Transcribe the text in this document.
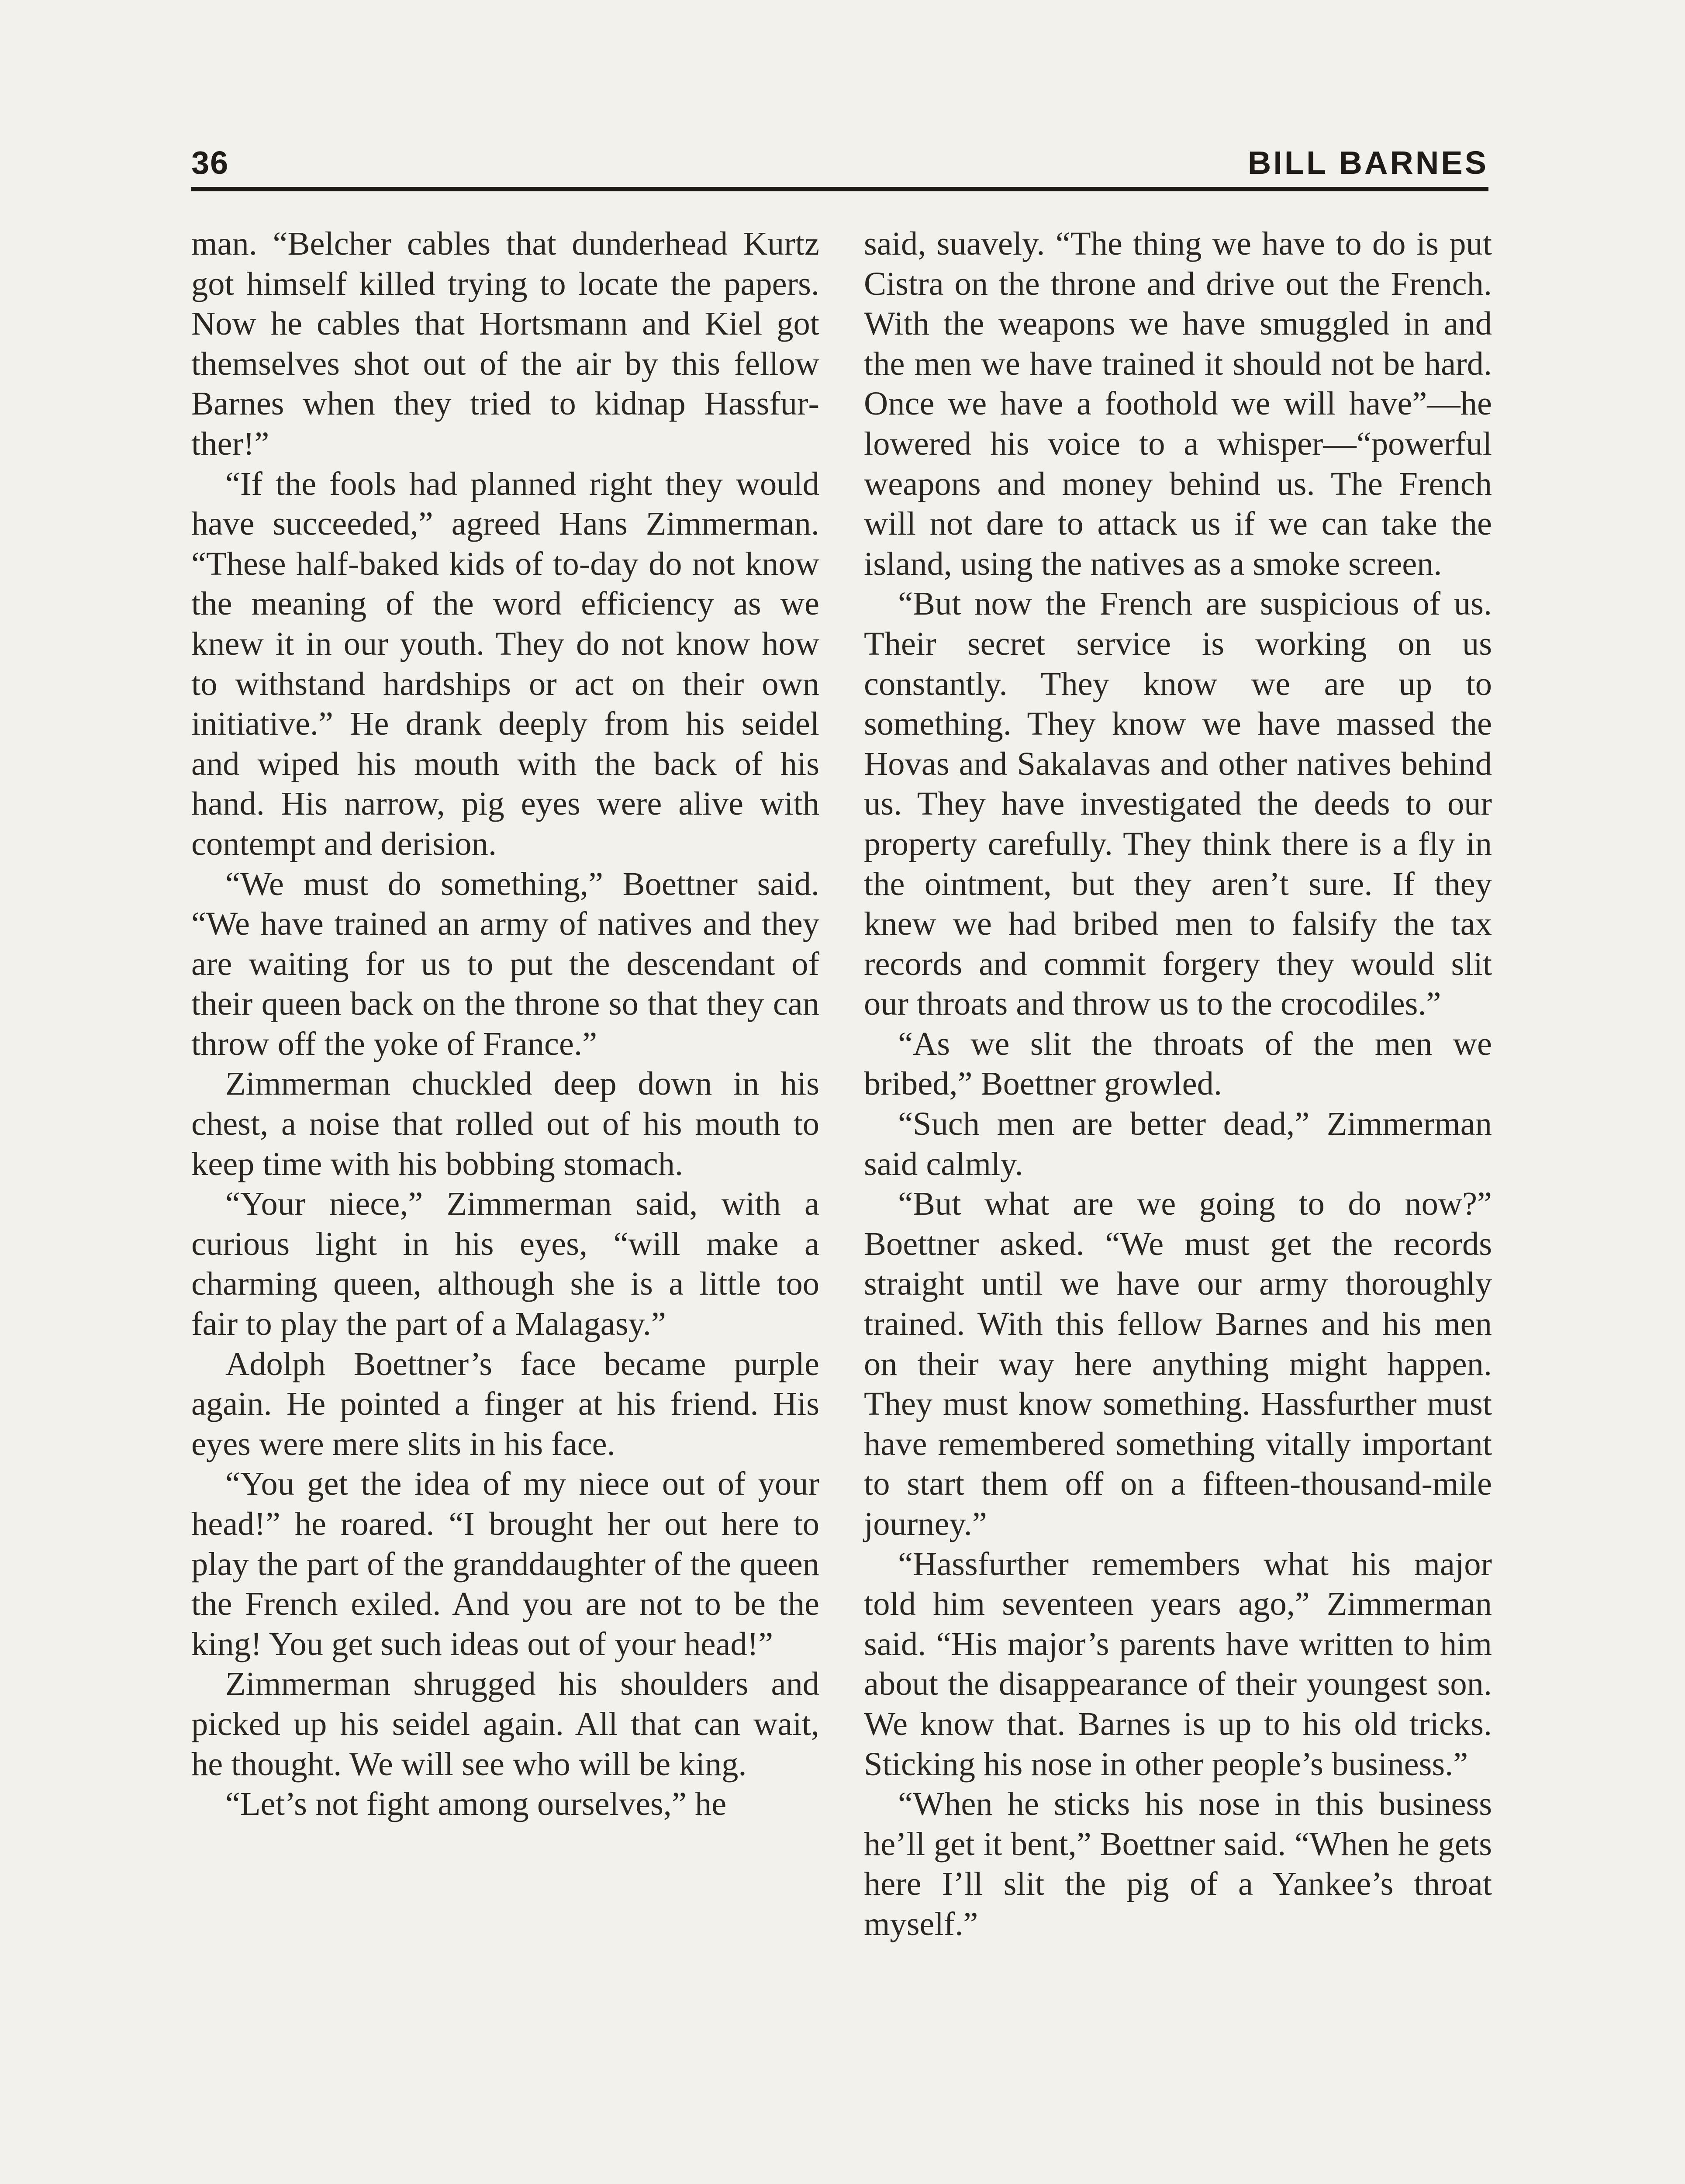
36	BILL BARNES

man. “Belcher cables that dunderhead Kurtz got himself killed trying to locate the papers. Now he cables that Hortsmann and Kiel got themselves shot out of the air by this fellow Barnes when they tried to kidnap Hassfurther!”

“If the fools had planned right they would have succeeded,” agreed Hans Zimmerman. “These half-baked kids of to-day do not know the meaning of the word efficiency as we knew it in our youth. They do not know how to withstand hardships or act on their own initiative.” He drank deeply from his seidel and wiped his mouth with the back of his hand. His narrow, pig eyes were alive with contempt and derision.

“We must do something,” Boettner said. “We have trained an army of natives and they are waiting for us to put the descendant of their queen back on the throne so that they can throw off the yoke of France.”

Zimmerman chuckled deep down in his chest, a noise that rolled out of his mouth to keep time with his bobbing stomach.

“Your niece,” Zimmerman said, with a curious light in his eyes, “will make a charming queen, although she is a little too fair to play the part of a Malagasy.”

Adolph Boettner’s face became purple again. He pointed a finger at his friend. His eyes were mere slits in his face.

“You get the idea of my niece out of your head!” he roared. “I brought her out here to play the part of the granddaughter of the queen the French exiled. And you are not to be the king! You get such ideas out of your head!”

Zimmerman shrugged his shoulders and picked up his seidel again. All that can wait, he thought. We will see who will be king.

“Let’s not fight among ourselves,” he

said, suavely. “The thing we have to do is put Cistra on the throne and drive out the French. With the weapons we have smuggled in and the men we have trained it should not be hard. Once we have a foothold we will have”—he lowered his voice to a whisper—“powerful weapons and money behind us. The French will not dare to attack us if we can take the island, using the natives as a smoke screen.

“But now the French are suspicious of us. Their secret service is working on us constantly. They know we are up to something. They know we have massed the Hovas and Sakalavas and other natives behind us. They have investigated the deeds to our property carefully. They think there is a fly in the ointment, but they aren’t sure. If they knew we had bribed men to falsify the tax records and commit forgery they would slit our throats and throw us to the crocodiles.”

“As we slit the throats of the men we bribed,” Boettner growled.

“Such men are better dead,” Zimmerman said calmly.

“But what are we going to do now?” Boettner asked. “We must get the records straight until we have our army thoroughly trained. With this fellow Barnes and his men on their way here anything might happen. They must know something. Hassfurther must have remembered something vitally important to start them off on a fifteen-thousand-mile journey.”

“Hassfurther remembers what his major told him seventeen years ago,” Zimmerman said. “His major’s parents have written to him about the disappearance of their youngest son. We know that. Barnes is up to his old tricks. Sticking his nose in other people’s business.”

“When he sticks his nose in this business he’ll get it bent,” Boettner said. “When he gets here I’ll slit the pig of a Yankee’s throat myself.”
